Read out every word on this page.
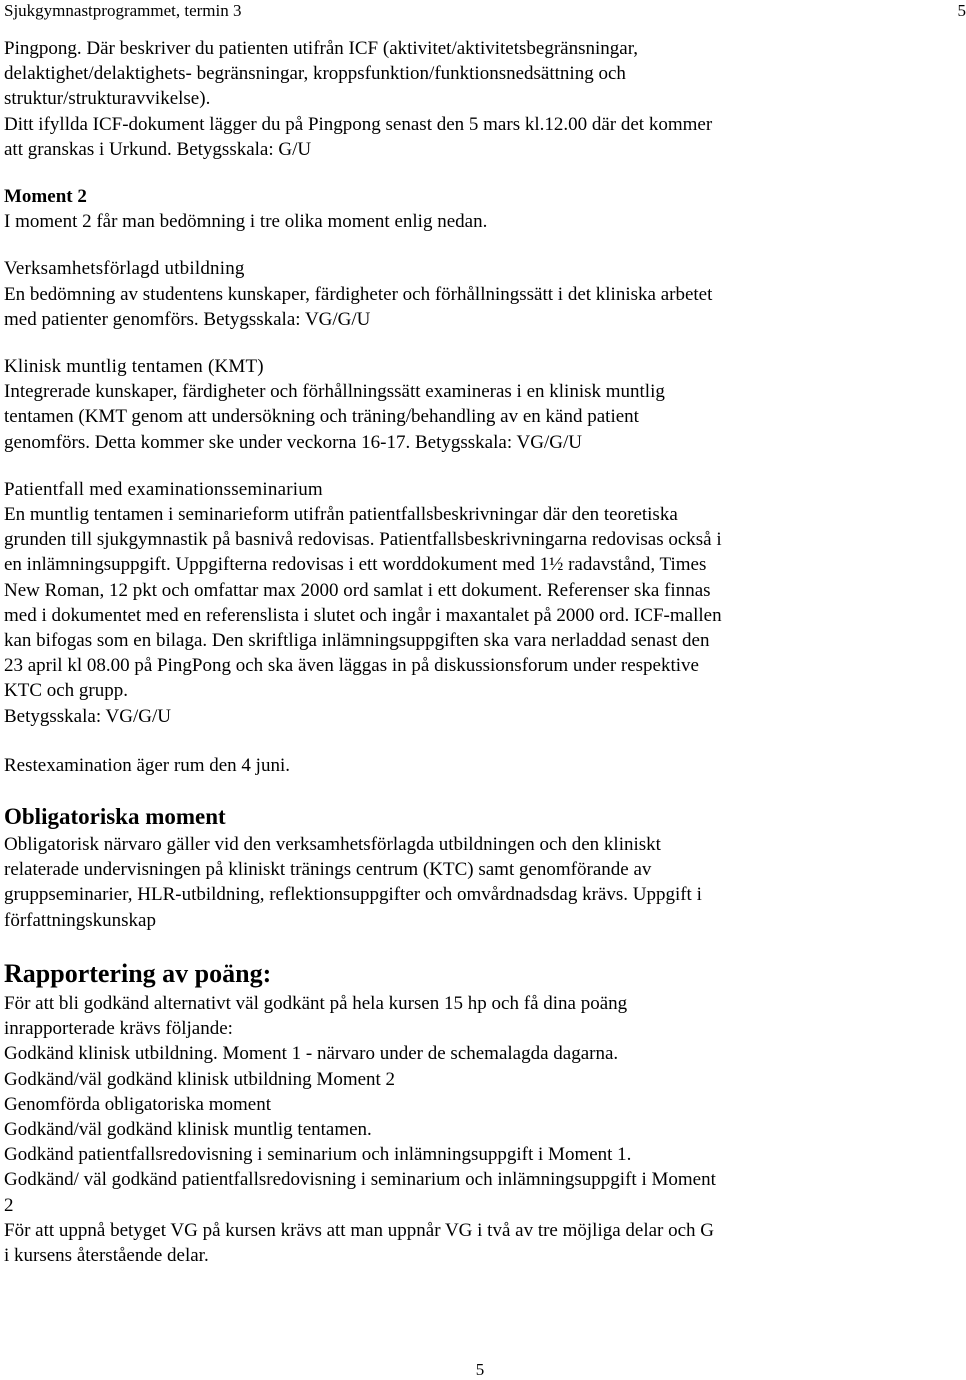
Sjukgymnastprogrammet, termin 3	5

Pingpong. Där beskriver du patienten utifrån ICF (aktivitet/aktivitetsbegränsningar,

delaktighet/delaktighets- begränsningar, kroppsfunktion/funktionsnedsättning och

struktur/strukturavvikelse).

Ditt ifyllda ICF-dokument lägger du på Pingpong senast den 5 mars kl.12.00 där det kommer

att granskas i Urkund. Betygsskala: G/U

Moment 2

I moment 2 får man bedömning i tre olika moment enlig nedan.

Verksamhetsförlagd utbildning

En bedömning av studentens kunskaper, färdigheter och förhållningssätt i det kliniska arbetet

med patienter genomförs. Betygsskala: VG/G/U

Klinisk muntlig tentamen (KMT)

Integrerade kunskaper, färdigheter och förhållningssätt examineras i en klinisk muntlig

tentamen (KMT genom att undersökning och träning/behandling av en känd patient

genomförs. Detta kommer ske under veckorna 16-17. Betygsskala: VG/G/U

Patientfall med examinationsseminarium

En muntlig tentamen i seminarieform utifrån patientfallsbeskrivningar där den teoretiska

grunden till sjukgymnastik på basnivå redovisas. Patientfallsbeskrivningarna redovisas också i

en inlämningsuppgift. Uppgifterna redovisas i ett worddokument med 1½ radavstånd, Times

New Roman, 12 pkt och omfattar max 2000 ord samlat i ett dokument. Referenser ska finnas

med i dokumentet med en referenslista i slutet och ingår i maxantalet på 2000 ord. ICF-mallen

kan bifogas som en bilaga. Den skriftliga inlämningsuppgiften ska vara nerladdad senast den

23 april kl 08.00 på PingPong och ska även läggas in på diskussionsforum under respektive

KTC och grupp.

Betygsskala: VG/G/U

Restexamination äger rum den 4 juni.

Obligatoriska moment

Obligatorisk närvaro gäller vid den verksamhetsförlagda utbildningen och den kliniskt

relaterade undervisningen på kliniskt tränings centrum (KTC) samt genomförande av

gruppseminarier, HLR-utbildning, reflektionsuppgifter och omvårdnadsdag krävs. Uppgift i

författningskunskap

Rapportering av poäng:

För att bli godkänd alternativt väl godkänt på hela kursen 15 hp och få dina poäng

inrapporterade krävs följande:

Godkänd klinisk utbildning. Moment 1 - närvaro under de schemalagda dagarna.

Godkänd/väl godkänd klinisk utbildning Moment 2

Genomförda obligatoriska moment

Godkänd/väl godkänd klinisk muntlig tentamen.

Godkänd patientfallsredovisning i seminarium och inlämningsuppgift i Moment 1.

Godkänd/ väl godkänd patientfallsredovisning i seminarium och inlämningsuppgift i Moment

2

För att uppnå betyget VG på kursen krävs att man uppnår VG i två av tre möjliga delar och G

i kursens återstående delar.

5
